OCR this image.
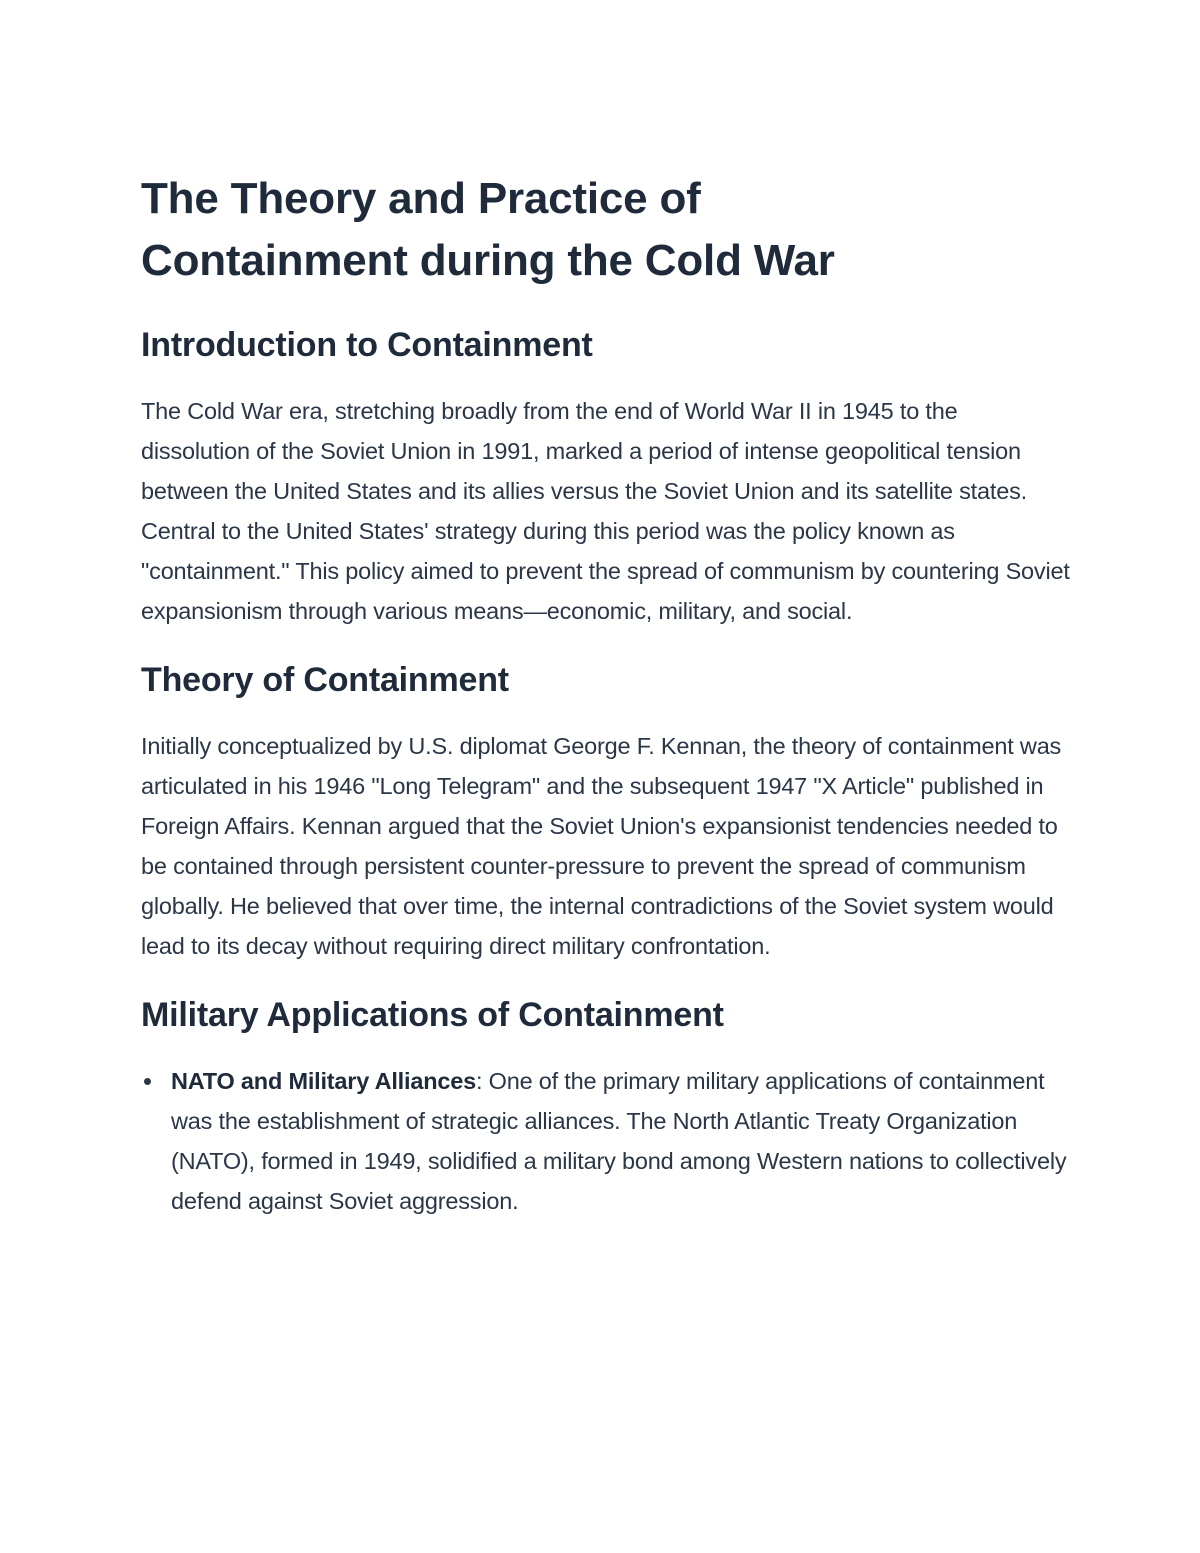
The Theory and Practice of
Containment during the Cold War
Introduction to Containment

The Cold War era, stretching broadly from the end of World War II in 1945 to the dissolution of the Soviet Union in 1991, marked a period of intense geopolitical tension between the United States and its allies versus the Soviet Union and its satellite states. Central to the United States' strategy during this period was the policy known as "containment." This policy aimed to prevent the spread of communism by countering Soviet expansionism through various means—economic, military, and social.

Theory of Containment

Initially conceptualized by U.S. diplomat George F. Kennan, the theory of containment was articulated in his 1946 "Long Telegram" and the subsequent 1947 "X Article" published in Foreign Affairs. Kennan argued that the Soviet Union's expansionist tendencies needed to be contained through persistent counter-pressure to prevent the spread of communism globally. He believed that over time, the internal contradictions of the Soviet system would lead to its decay without requiring direct military confrontation.

Military Applications of Containment
NATO and Military Alliances: One of the primary military applications of containment was the establishment of strategic alliances. The North Atlantic Treaty Organization (NATO), formed in 1949, solidified a military bond among Western nations to collectively defend against Soviet aggression.
